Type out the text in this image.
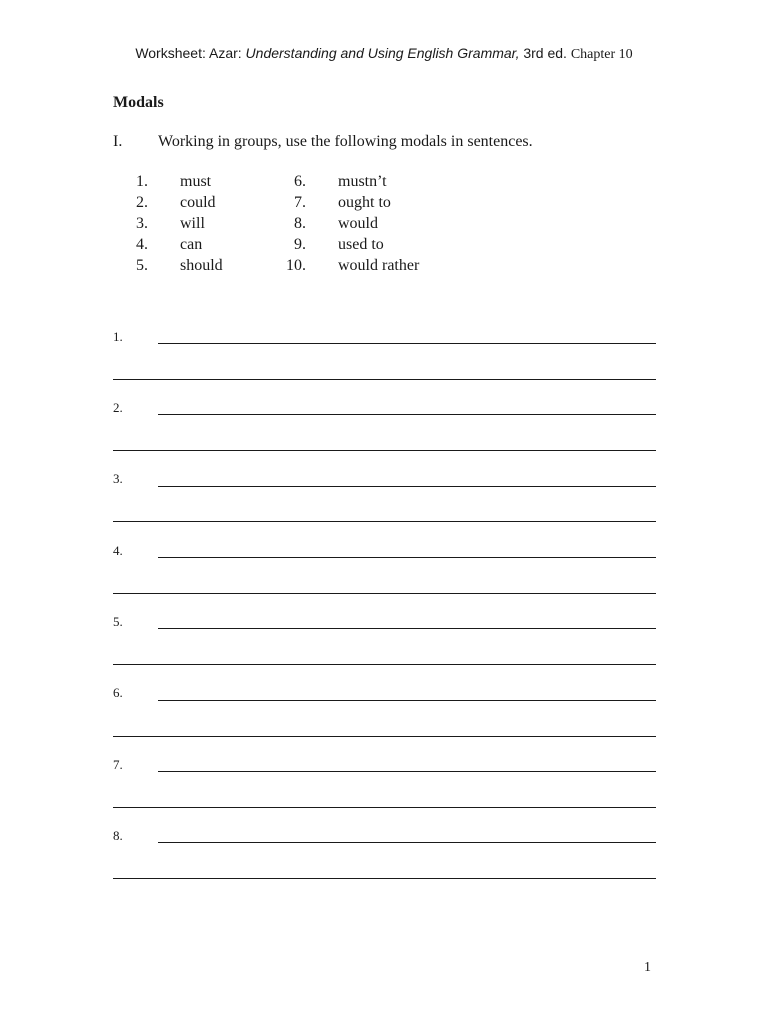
Worksheet: Azar: Understanding and Using English Grammar, 3rd ed. Chapter 10
Modals
I. Working in groups, use the following modals in sentences.
1. must
2. could
3. will
4. can
5. should
6. mustn’t
7. ought to
8. would
9. used to
10. would rather
1.
2.
3.
4.
5.
6.
7.
8.
1
